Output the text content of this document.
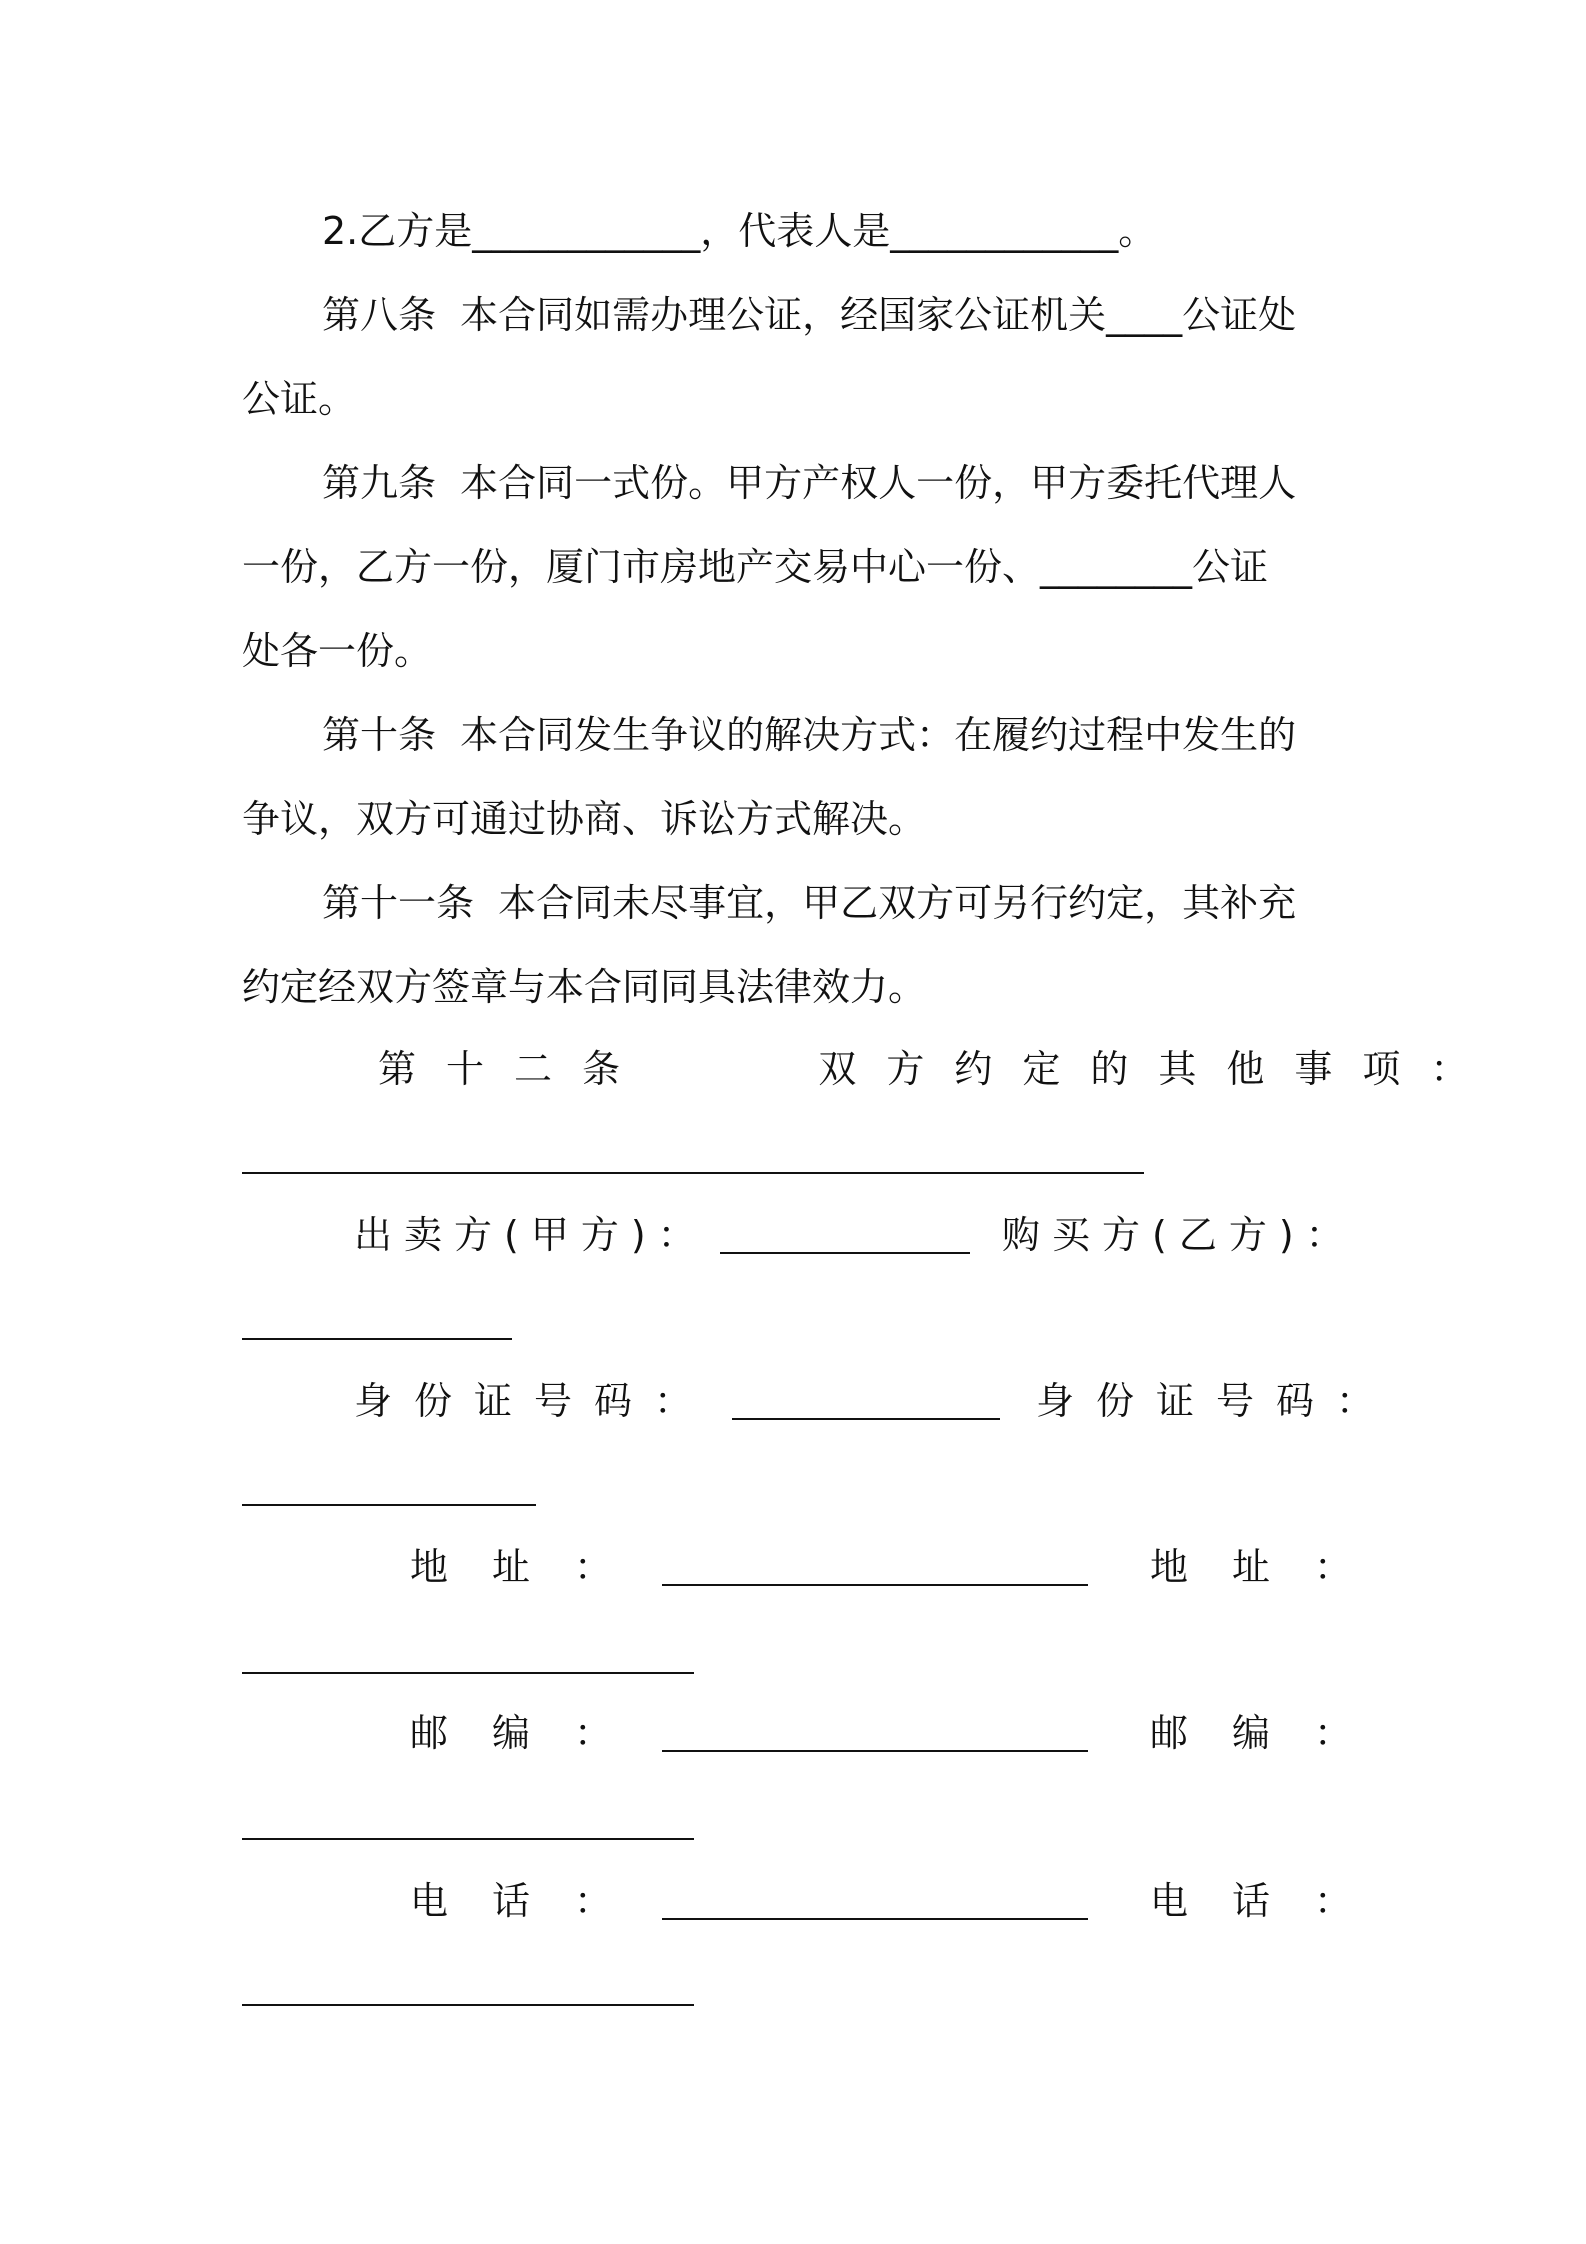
2.乙方是____________，代表人是____________。
第八条  本合同如需办理公证，经国家公证机关____公证处
公证。
第九条  本合同一式份。甲方产权人一份，甲方委托代理人
一份，乙方一份，厦门市房地产交易中心一份、________公证
处各一份。
第十条  本合同发生争议的解决方式：在履约过程中发生的
争议，双方可通过协商、诉讼方式解决。
第十一条  本合同未尽事宜，甲乙双方可另行约定，其补充
约定经双方签章与本合同同具法律效力。
第十二条    双方约定的其他事项：
出卖方(甲方)：	购买方(乙方)：
身份证号码：	身份证号码：
地址：	地址：
邮编：	邮编：
电话：	电话：
